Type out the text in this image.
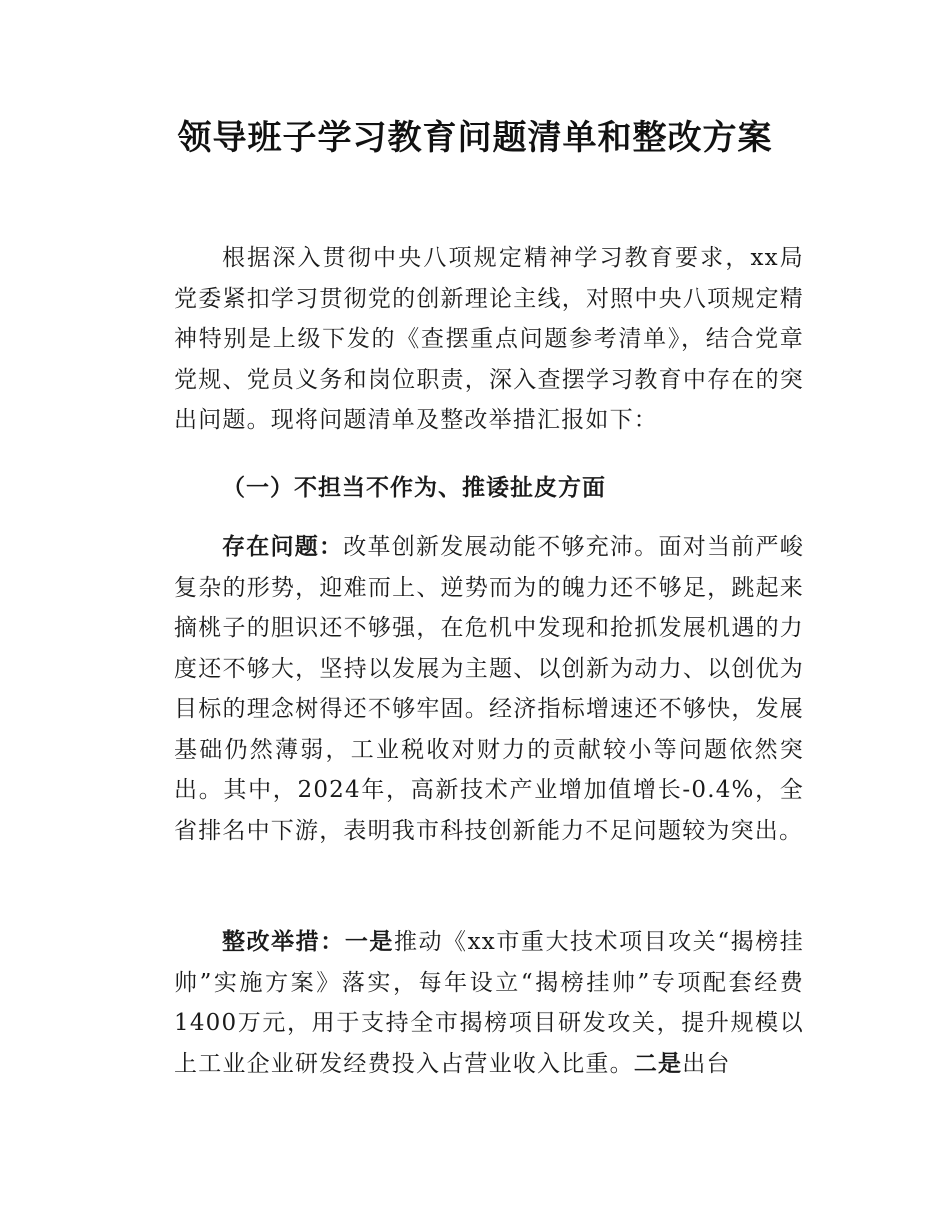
领导班子学习教育问题清单和整改方案

根据深入贯彻中央八项规定精神学习教育要求，xx局党委紧扣学习贯彻党的创新理论主线，对照中央八项规定精神特别是上级下发的《查摆重点问题参考清单》，结合党章党规、党员义务和岗位职责，深入查摆学习教育中存在的突出问题。现将问题清单及整改举措汇报如下：

（一）不担当不作为、推诿扯皮方面

存在问题：改革创新发展动能不够充沛。面对当前严峻复杂的形势，迎难而上、逆势而为的魄力还不够足，跳起来摘桃子的胆识还不够强，在危机中发现和抢抓发展机遇的力度还不够大，坚持以发展为主题、以创新为动力、以创优为目标的理念树得还不够牢固。经济指标增速还不够快，发展基础仍然薄弱，工业税收对财力的贡献较小等问题依然突出。其中，2024年，高新技术产业增加值增长-0.4%，全省排名中下游，表明我市科技创新能力不足问题较为突出。

整改举措：一是推动《xx市重大技术项目攻关“揭榜挂帅”实施方案》落实，每年设立“揭榜挂帅”专项配套经费1400万元，用于支持全市揭榜项目研发攻关，提升规模以上工业企业研发经费投入占营业收入比重。二是出台
